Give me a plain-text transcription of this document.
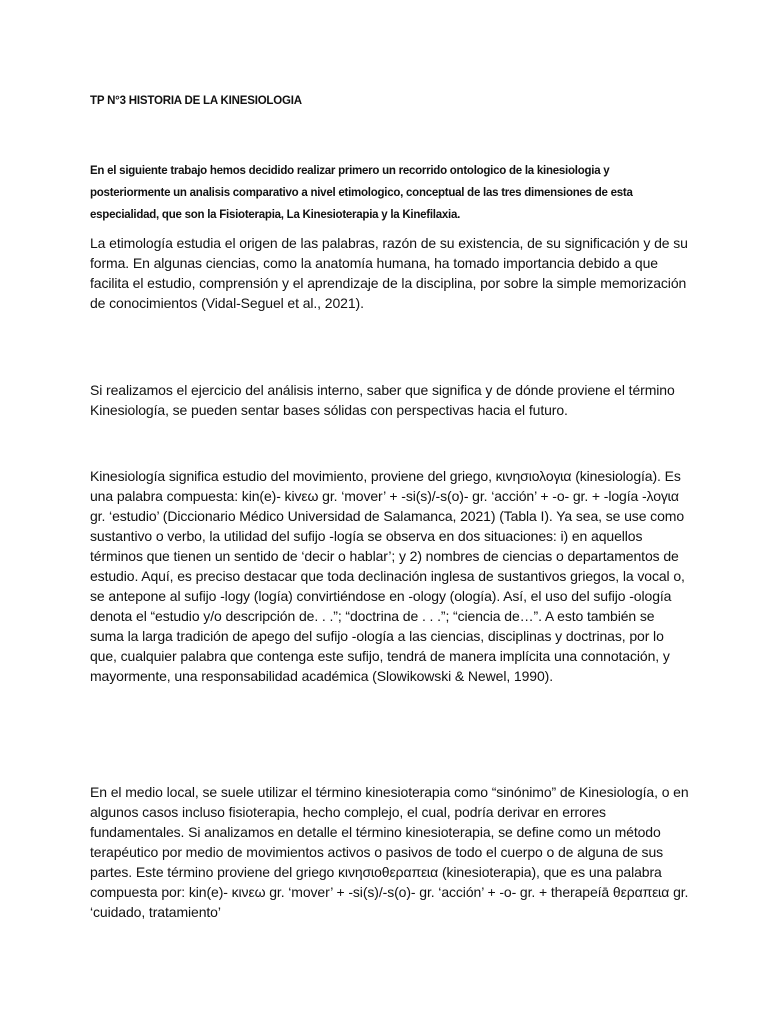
TP N°3 HISTORIA DE LA KINESIOLOGIA

En el siguiente trabajo hemos decidido realizar primero un recorrido ontologico de la kinesiologia y posteriormente un analisis comparativo a nivel etimologico, conceptual de las tres dimensiones de esta especialidad, que son la Fisioterapia, La Kinesioterapia y la Kinefilaxia.

La etimología estudia el origen de las palabras, razón de su existencia, de su significación y de su forma. En algunas ciencias, como la anatomía humana, ha tomado importancia debido a que facilita el estudio, comprensión y el aprendizaje de la disciplina, por sobre la simple memorización de conocimientos (Vidal-Seguel et al., 2021).

Si realizamos el ejercicio del análisis interno, saber que significa y de dónde proviene el término Kinesiología, se pueden sentar bases sólidas con perspectivas hacia el futuro.

Kinesiología significa estudio del movimiento, proviene del griego, κɩνησιολογɩα (kinesiología). Es una palabra compuesta: kin(e)- kivεω gr. ‘mover’ + -si(s)/-s(o)- gr. ‘acción’ + -o- gr. + -logía -λογɩα gr. ‘estudio’ (Diccionario Médico Universidad de Salamanca, 2021) (Tabla I). Ya sea, se use como sustantivo o verbo, la utilidad del sufijo -logía se observa en dos situaciones: i) en aquellos términos que tienen un sentido de ‘decir o hablar’; y 2) nombres de ciencias o departamentos de estudio. Aquí, es preciso destacar que toda declinación inglesa de sustantivos griegos, la vocal o, se antepone al sufijo -logy (logía) convirtiéndose en -ology (ología). Así, el uso del sufijo -ología denota el “estudio y/o descripción de. . .”; “doctrina de . . .”; “ciencia de…”. A esto también se suma la larga tradición de apego del sufijo -ología a las ciencias, disciplinas y doctrinas, por lo que, cualquier palabra que contenga este sufijo, tendrá de manera implícita una connotación, y mayormente, una responsabilidad académica (Slowikowski & Newel, 1990).

En el medio local, se suele utilizar el término kinesioterapia como “sinónimo” de Kinesiología, o en algunos casos incluso fisioterapia, hecho complejo, el cual, podría derivar en errores fundamentales. Si analizamos en detalle el término kinesioterapia, se define como un método terapéutico por medio de movimientos activos o pasivos de todo el cuerpo o de alguna de sus partes. Este término proviene del griego κινησɩοθεραπεɩα (kinesioterapia), que es una palabra compuesta por: kin(e)- κινεω gr. ‘mover’ + -si(s)/-s(o)- gr. ‘acción’ + -o- gr. + therapeíā θεραπεɩα gr. ‘cuidado, tratamiento’
